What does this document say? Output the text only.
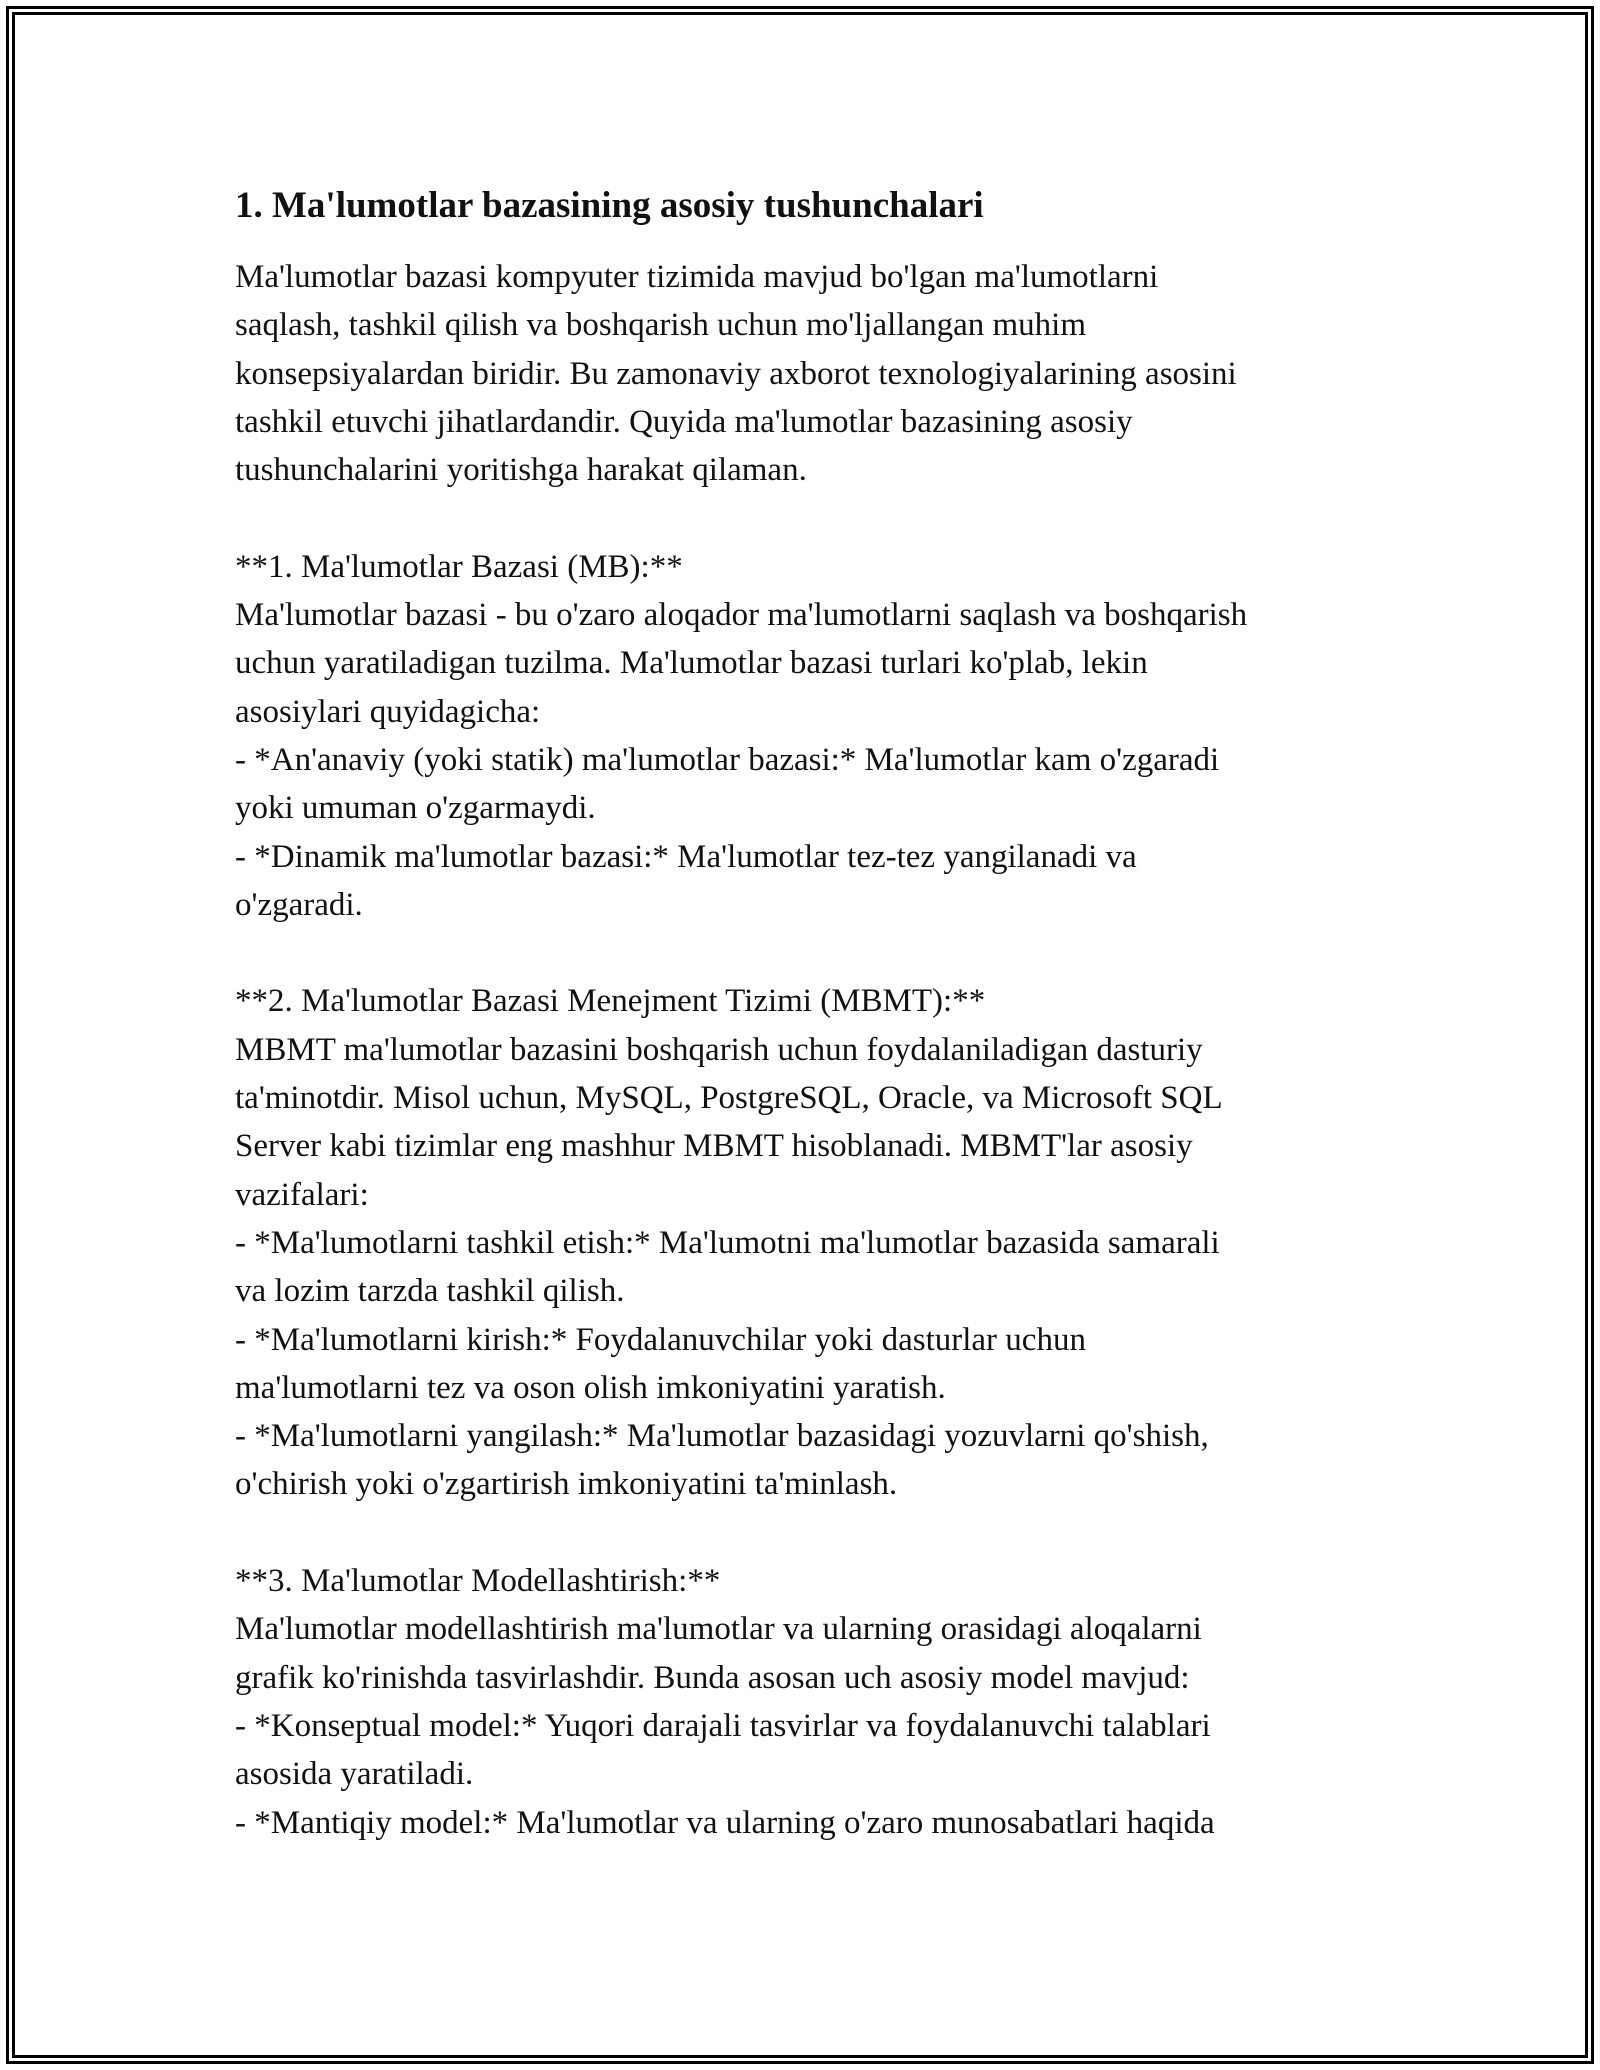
1. Ma'lumotlar bazasining asosiy tushunchalari
Ma'lumotlar bazasi kompyuter tizimida mavjud bo'lgan ma'lumotlarni
saqlash, tashkil qilish va boshqarish uchun mo'ljallangan muhim
konsepsiyalardan biridir. Bu zamonaviy axborot texnologiyalarining asosini
tashkil etuvchi jihatlardandir. Quyida ma'lumotlar bazasining asosiy
tushunchalarini yoritishga harakat qilaman.
**1. Ma'lumotlar Bazasi (MB):**
Ma'lumotlar bazasi - bu o'zaro aloqador ma'lumotlarni saqlash va boshqarish
uchun yaratiladigan tuzilma. Ma'lumotlar bazasi turlari ko'plab, lekin
asosiylari quyidagicha:
- *An'anaviy (yoki statik) ma'lumotlar bazasi:* Ma'lumotlar kam o'zgaradi
yoki umuman o'zgarmaydi.
- *Dinamik ma'lumotlar bazasi:* Ma'lumotlar tez-tez yangilanadi va
o'zgaradi.
**2. Ma'lumotlar Bazasi Menejment Tizimi (MBMT):**
MBMT ma'lumotlar bazasini boshqarish uchun foydalaniladigan dasturiy
ta'minotdir. Misol uchun, MySQL, PostgreSQL, Oracle, va Microsoft SQL
Server kabi tizimlar eng mashhur MBMT hisoblanadi. MBMT'lar asosiy
vazifalari:
- *Ma'lumotlarni tashkil etish:* Ma'lumotni ma'lumotlar bazasida samarali
va lozim tarzda tashkil qilish.
- *Ma'lumotlarni kirish:* Foydalanuvchilar yoki dasturlar uchun
ma'lumotlarni tez va oson olish imkoniyatini yaratish.
- *Ma'lumotlarni yangilash:* Ma'lumotlar bazasidagi yozuvlarni qo'shish,
o'chirish yoki o'zgartirish imkoniyatini ta'minlash.
**3. Ma'lumotlar Modellashtirish:**
Ma'lumotlar modellashtirish ma'lumotlar va ularning orasidagi aloqalarni
grafik ko'rinishda tasvirlashdir. Bunda asosan uch asosiy model mavjud:
- *Konseptual model:* Yuqori darajali tasvirlar va foydalanuvchi talablari
asosida yaratiladi.
- *Mantiqiy model:* Ma'lumotlar va ularning o'zaro munosabatlari haqida
